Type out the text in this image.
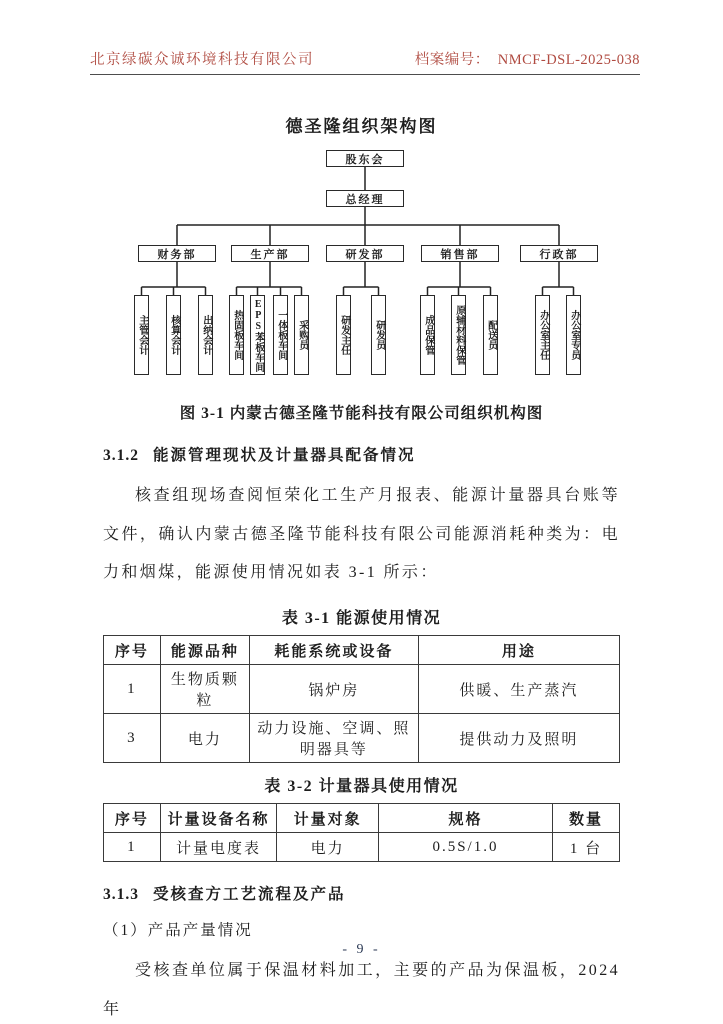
北京绿碳众诚环境科技有限公司	档案编号： NMCF-DSL-2025-038
德圣隆组织架构图
股东会
总经理
财务部	生产部	研发部	销售部	行政部
主管会计 核算会计 出纳会计 热固板车间 EPS苯板车间 一体板车间 采购员	研发主任 研发员	成品保管 原辅材料保管 配送员	办公室主任 办公室专员
图 3-1 内蒙古德圣隆节能科技有限公司组织机构图
3.1.2 能源管理现状及计量器具配备情况

核查组现场查阅恒荣化工生产月报表、能源计量器具台账等文件，确认内蒙古德圣隆节能科技有限公司能源消耗种类为：电力和烟煤，能源使用情况如表 3-1 所示：

表 3-1 能源使用情况
序号	能源品种	耗能系统或设备	用途
1	生物质颗粒	锅炉房	供暖、生产蒸汽
3	电力	动力设施、空调、照明器具等	提供动力及照明
表 3-2 计量器具使用情况
序号	计量设备名称	计量对象	规格	数量
1	计量电度表	电力	0.5S/1.0	1 台
3.1.3 受核查方工艺流程及产品
（1）产品产量情况

受核查单位属于保温材料加工，主要的产品为保温板，2024 年

- 9 -
